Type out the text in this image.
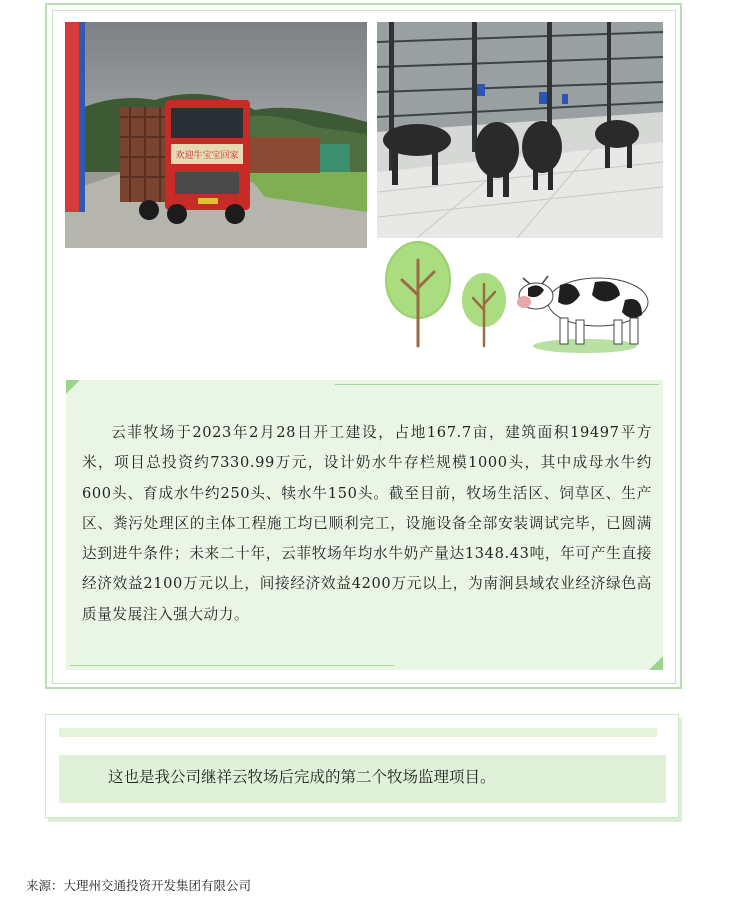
欢迎牛宝宝回家

云菲牧场于2023年2月28日开工建设，占地167.7亩，建筑面积19497平方米，项目总投资约7330.99万元，设计奶水牛存栏规模1000头，其中成母水牛约600头、育成水牛约250头、犊水牛150头。截至目前，牧场生活区、饲草区、生产区、粪污处理区的主体工程施工均已顺利完工，设施设备全部安装调试完毕，已圆满达到进牛条件；未来二十年，云菲牧场年均水牛奶产量达1348.43吨，年可产生直接经济效益2100万元以上，间接经济效益4200万元以上，为南涧县域农业经济绿色高质量发展注入强大动力。

这也是我公司继祥云牧场后完成的第二个牧场监理项目。
来源：大理州交通投资开发集团有限公司
